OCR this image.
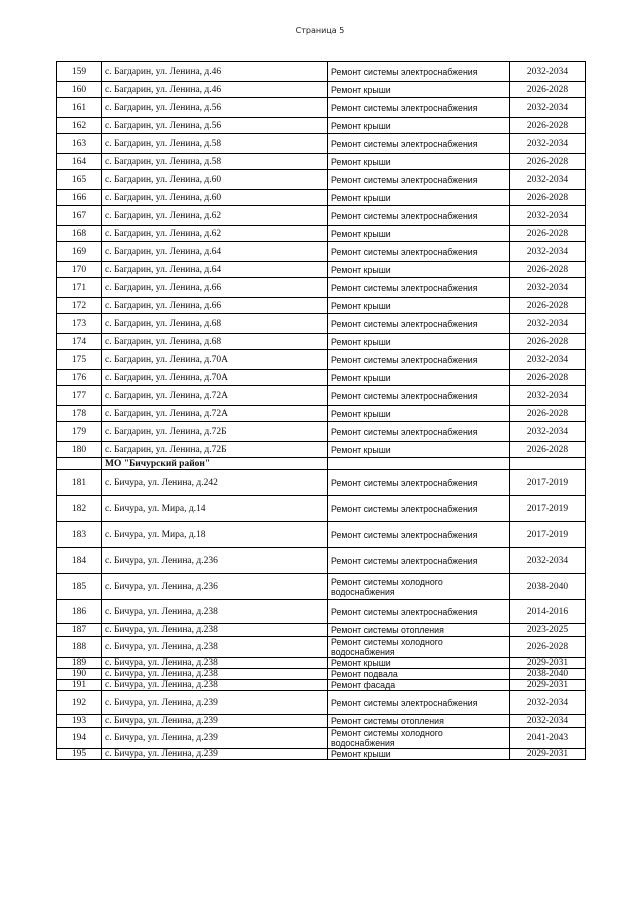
Страница 5
159	с. Багдарин, ул. Ленина, д.46	Ремонт системы электроснабжения	2032-2034
160	с. Багдарин, ул. Ленина, д.46	Ремонт крыши	2026-2028
161	с. Багдарин, ул. Ленина, д.56	Ремонт системы электроснабжения	2032-2034
162	с. Багдарин, ул. Ленина, д.56	Ремонт крыши	2026-2028
163	с. Багдарин, ул. Ленина, д.58	Ремонт системы электроснабжения	2032-2034
164	с. Багдарин, ул. Ленина, д.58	Ремонт крыши	2026-2028
165	с. Багдарин, ул. Ленина, д.60	Ремонт системы электроснабжения	2032-2034
166	с. Багдарин, ул. Ленина, д.60	Ремонт крыши	2026-2028
167	с. Багдарин, ул. Ленина, д.62	Ремонт системы электроснабжения	2032-2034
168	с. Багдарин, ул. Ленина, д.62	Ремонт крыши	2026-2028
169	с. Багдарин, ул. Ленина, д.64	Ремонт системы электроснабжения	2032-2034
170	с. Багдарин, ул. Ленина, д.64	Ремонт крыши	2026-2028
171	с. Багдарин, ул. Ленина, д.66	Ремонт системы электроснабжения	2032-2034
172	с. Багдарин, ул. Ленина, д.66	Ремонт крыши	2026-2028
173	с. Багдарин, ул. Ленина, д.68	Ремонт системы электроснабжения	2032-2034
174	с. Багдарин, ул. Ленина, д.68	Ремонт крыши	2026-2028
175	с. Багдарин, ул. Ленина, д.70А	Ремонт системы электроснабжения	2032-2034
176	с. Багдарин, ул. Ленина, д.70А	Ремонт крыши	2026-2028
177	с. Багдарин, ул. Ленина, д.72А	Ремонт системы электроснабжения	2032-2034
178	с. Багдарин, ул. Ленина, д.72А	Ремонт крыши	2026-2028
179	с. Багдарин, ул. Ленина, д.72Б	Ремонт системы электроснабжения	2032-2034
180	с. Багдарин, ул. Ленина, д.72Б	Ремонт крыши	2026-2028
	МО "Бичурский район"		
181	с. Бичура, ул. Ленина, д.242	Ремонт системы электроснабжения	2017-2019
182	с. Бичура, ул. Мира, д.14	Ремонт системы электроснабжения	2017-2019
183	с. Бичура, ул. Мира, д.18	Ремонт системы электроснабжения	2017-2019
184	с. Бичура, ул. Ленина, д.236	Ремонт системы электроснабжения	2032-2034
185	с. Бичура, ул. Ленина, д.236	Ремонт системы холодного водоснабжения	2038-2040
186	с. Бичура, ул. Ленина, д.238	Ремонт системы электроснабжения	2014-2016
187	с. Бичура, ул. Ленина, д.238	Ремонт системы отопления	2023-2025
188	с. Бичура, ул. Ленина, д.238	Ремонт системы холодного водоснабжения	2026-2028
189	с. Бичура, ул. Ленина, д.238	Ремонт крыши	2029-2031
190	с. Бичура, ул. Ленина, д.238	Ремонт подвала	2038-2040
191	с. Бичура, ул. Ленина, д.238	Ремонт фасада	2029-2031
192	с. Бичура, ул. Ленина, д.239	Ремонт системы электроснабжения	2032-2034
193	с. Бичура, ул. Ленина, д.239	Ремонт системы отопления	2032-2034
194	с. Бичура, ул. Ленина, д.239	Ремонт системы холодного водоснабжения	2041-2043
195	с. Бичура, ул. Ленина, д.239	Ремонт крыши	2029-2031
